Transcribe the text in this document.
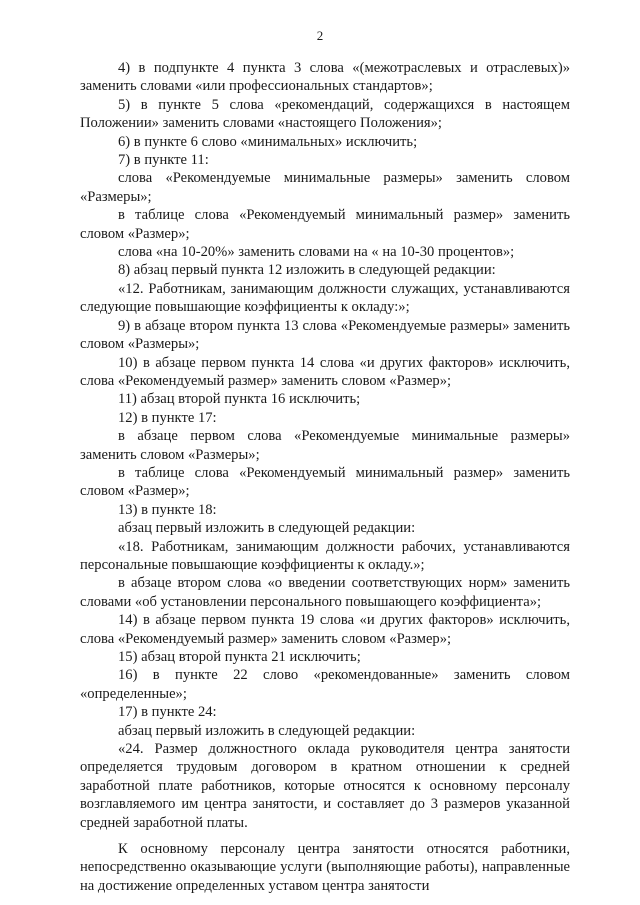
2

4) в подпункте 4 пункта 3 слова «(межотраслевых и отраслевых)» заменить словами «или профессиональных стандартов»;

5) в пункте 5 слова «рекомендаций, содержащихся в настоящем Положении» заменить словами «настоящего Положения»;

6) в пункте 6 слово «минимальных» исключить;

7) в пункте 11:

слова «Рекомендуемые минимальные размеры» заменить словом «Размеры»;

в таблице слова «Рекомендуемый минимальный размер» заменить словом «Размер»;

слова «на 10-20%» заменить словами на « на 10-30 процентов»;

8) абзац первый пункта 12 изложить в следующей редакции:

«12. Работникам, занимающим должности служащих, устанавливаются следующие повышающие коэффициенты к окладу:»;

9) в абзаце втором пункта 13 слова «Рекомендуемые размеры» заменить словом «Размеры»;

10) в абзаце первом пункта 14 слова «и других факторов» исключить, слова «Рекомендуемый размер» заменить словом «Размер»;

11) абзац второй пункта 16 исключить;

12) в пункте 17:

в абзаце первом слова «Рекомендуемые минимальные размеры» заменить словом «Размеры»;

в таблице слова «Рекомендуемый минимальный размер» заменить словом «Размер»;

13) в пункте 18:

абзац первый изложить в следующей редакции:

«18. Работникам, занимающим должности рабочих, устанавливаются персональные повышающие коэффициенты к окладу.»;

в абзаце втором слова «о введении соответствующих норм» заменить словами «об установлении персонального повышающего коэффициента»;

14) в абзаце первом пункта 19 слова «и других факторов» исключить, слова «Рекомендуемый размер» заменить словом «Размер»;

15) абзац второй пункта 21 исключить;

16) в пункте 22 слово «рекомендованные» заменить словом «определенные»;

17) в пункте 24:

абзац первый изложить в следующей редакции:

«24. Размер должностного оклада руководителя центра занятости определяется трудовым договором в кратном отношении к средней заработной плате работников, которые относятся к основному персоналу возглавляемого им центра занятости, и составляет до 3 размеров указанной средней заработной платы.

К основному персоналу центра занятости относятся работники, непосредственно оказывающие услуги (выполняющие работы), направленные на достижение определенных уставом центра занятости
